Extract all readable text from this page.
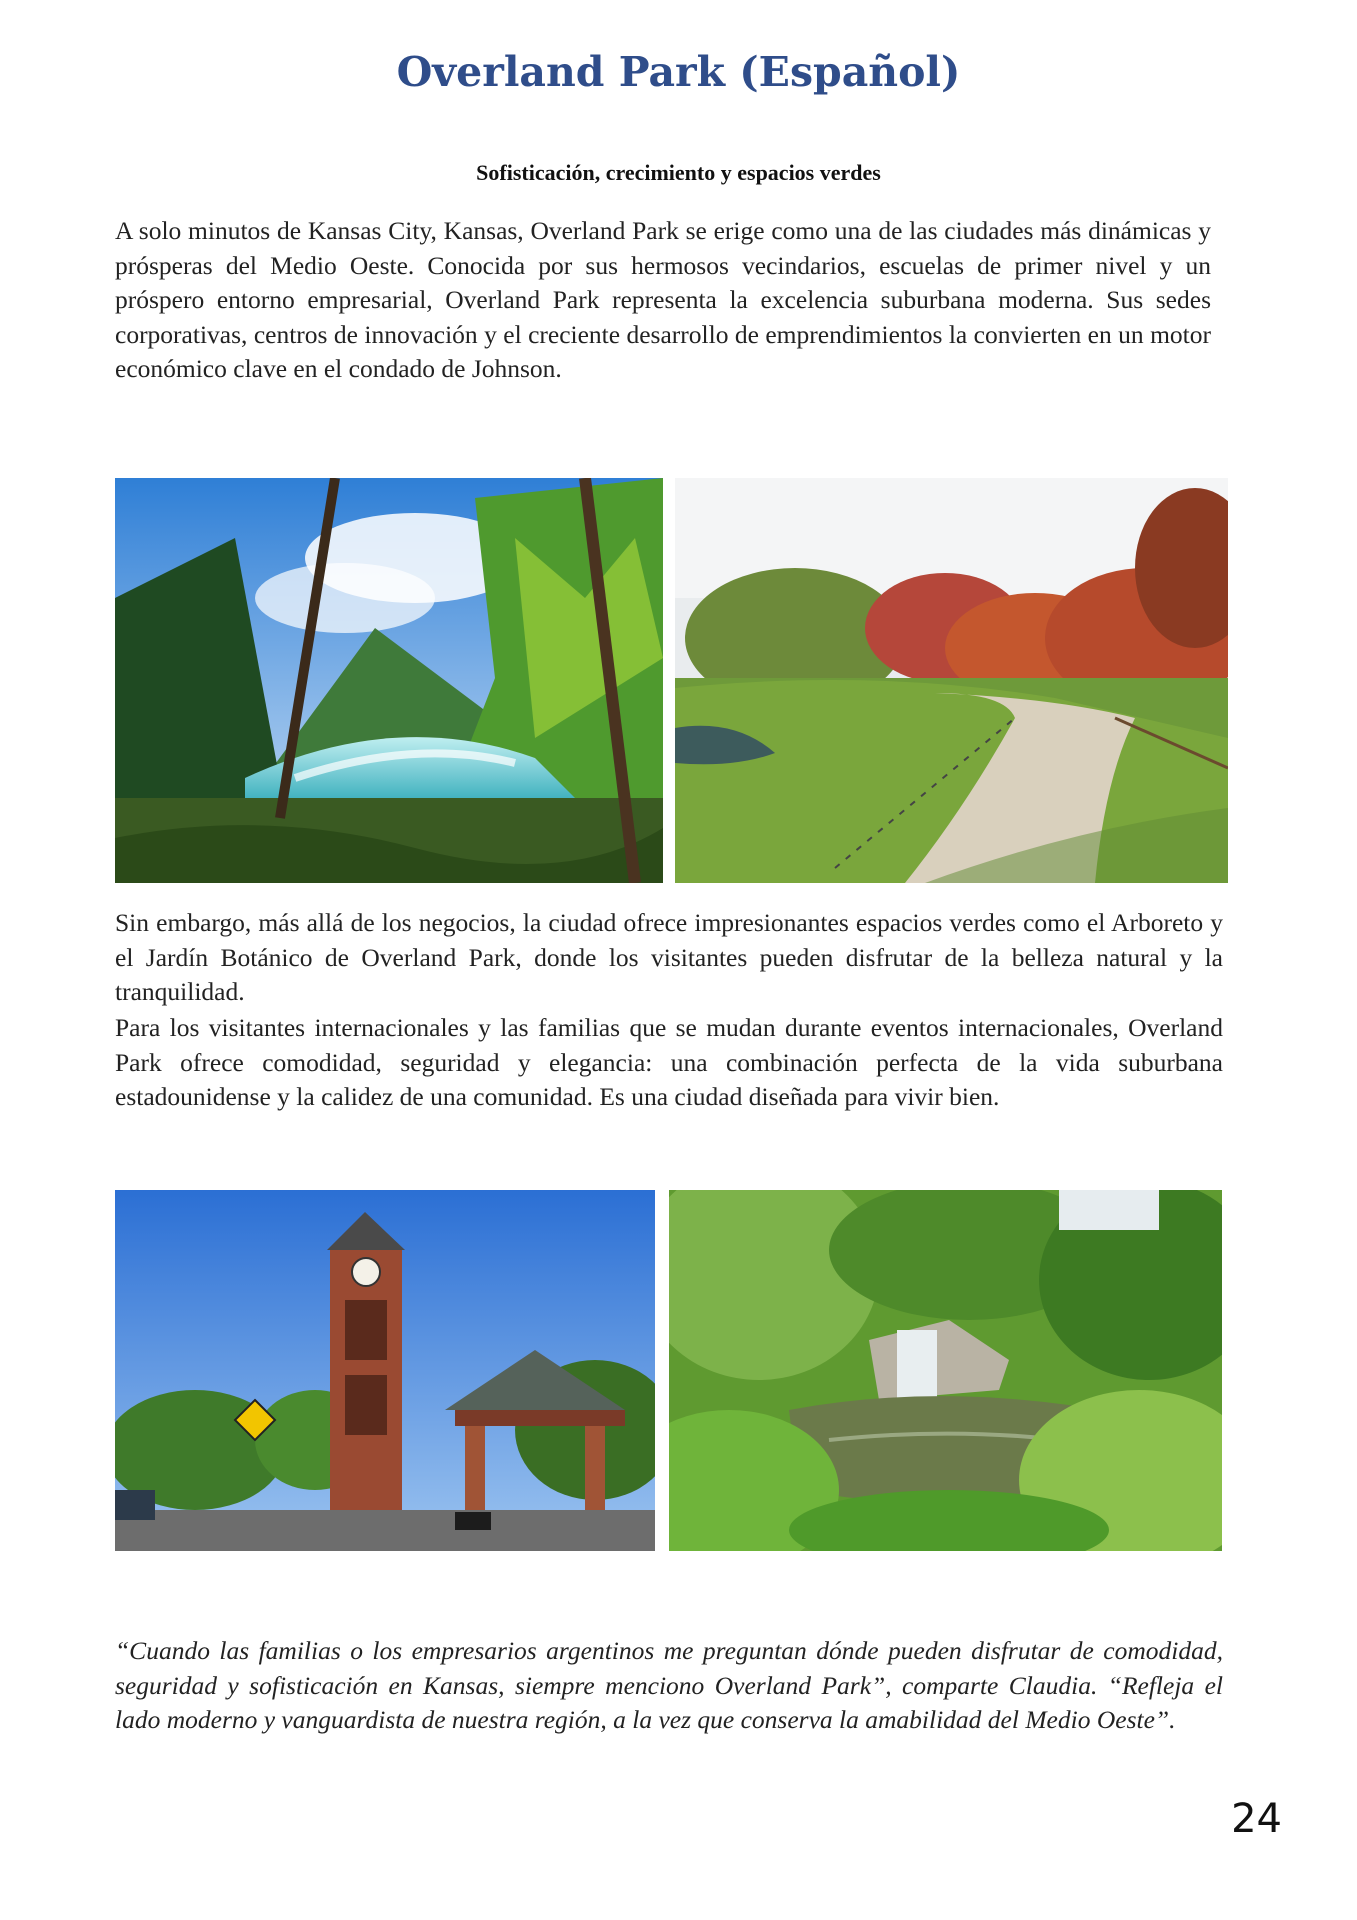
Overland Park (Español)
Sofisticación, crecimiento y espacios verdes

A solo minutos de Kansas City, Kansas, Overland Park se erige como una de las ciudades más dinámicas y prósperas del Medio Oeste. Conocida por sus hermosos vecindarios, escuelas de primer nivel y un próspero entorno empresarial, Overland Park representa la excelencia suburbana moderna. Sus sedes corporativas, centros de innovación y el creciente desarrollo de emprendimientos la convierten en un motor económico clave en el condado de Johnson.

Sin embargo, más allá de los negocios, la ciudad ofrece impresionantes espacios verdes como el Arboreto y el Jardín Botánico de Overland Park, donde los visitantes pueden disfrutar de la belleza natural y la tranquilidad.

Para los visitantes internacionales y las familias que se mudan durante eventos internacionales, Overland Park ofrece comodidad, seguridad y elegancia: una combinación perfecta de la vida suburbana estadounidense y la calidez de una comunidad. Es una ciudad diseñada para vivir bien.

“Cuando las familias o los empresarios argentinos me preguntan dónde pueden disfrutar de comodidad, seguridad y sofisticación en Kansas, siempre menciono Overland Park”, comparte Claudia. “Refleja el lado moderno y vanguardista de nuestra región, a la vez que conserva la amabilidad del Medio Oeste”.

24
